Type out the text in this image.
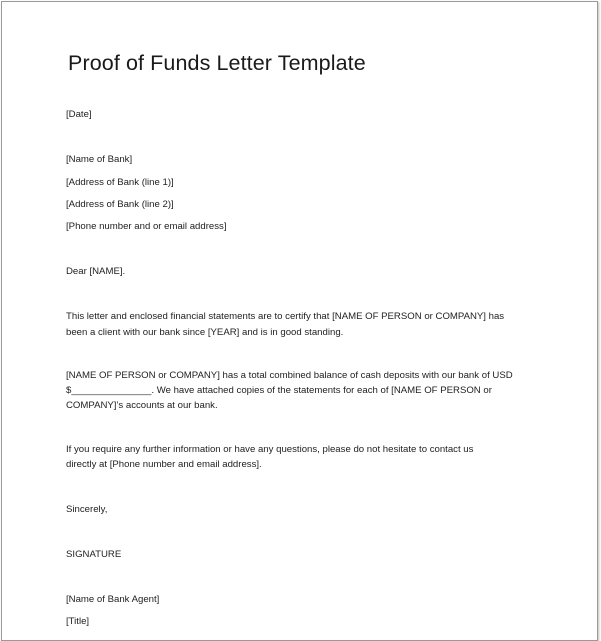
Proof of Funds Letter Template
[Date]
[Name of Bank]
[Address of Bank (line 1)]
[Address of Bank (line 2)]
[Phone number and or email address]
Dear [NAME].
This letter and enclosed financial statements are to certify that [NAME OF PERSON or COMPANY] has
been a client with our bank since [YEAR] and is in good standing.
[NAME OF PERSON or COMPANY] has a total combined balance of cash deposits with our bank of USD
$_______________. We have attached copies of the statements for each of [NAME OF PERSON or
COMPANY]’s accounts at our bank.
If you require any further information or have any questions, please do not hesitate to contact us
directly at [Phone number and email address].
Sincerely,
SIGNATURE
[Name of Bank Agent]
[Title]
